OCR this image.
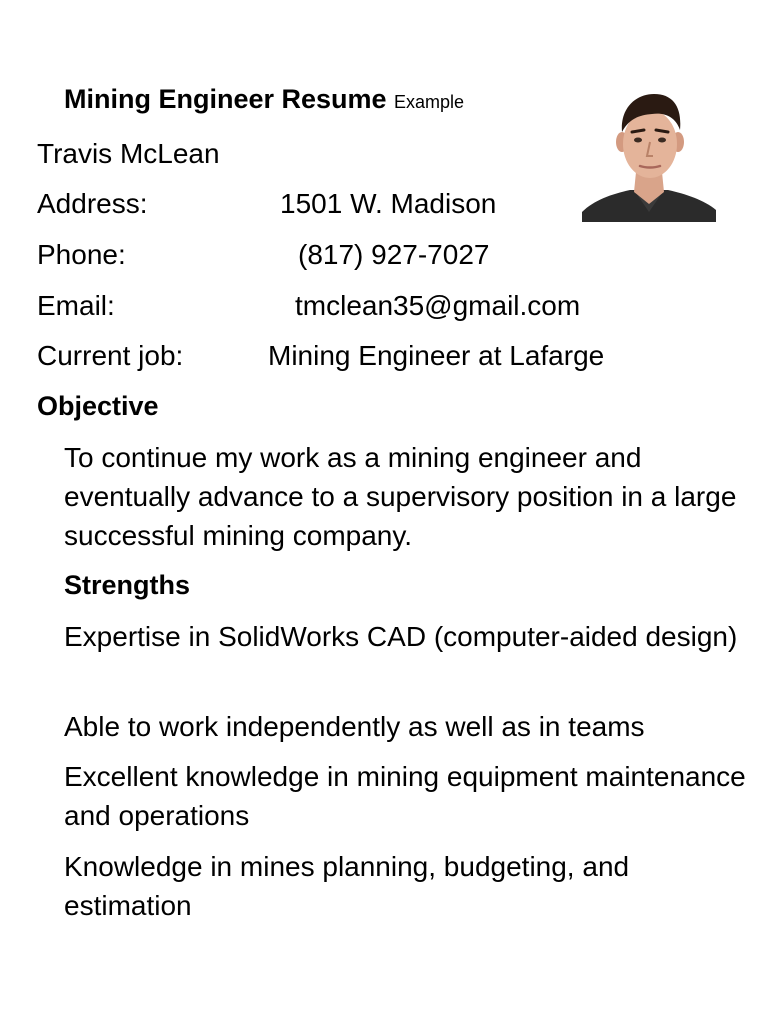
Mining Engineer Resume Example
Travis McLean
Address:	1501 W. Madison
Phone:	(817) 927-7027
Email:	tmclean35@gmail.com
Current job:	Mining Engineer at Lafarge
Objective
To continue my work as a mining engineer and eventually advance to a supervisory position in a large successful mining company.
Strengths
Expertise in SolidWorks CAD (computer-aided design)
Able to work independently as well as in teams
Excellent knowledge in mining equipment maintenance and operations
Knowledge in mines planning, budgeting, and estimation
